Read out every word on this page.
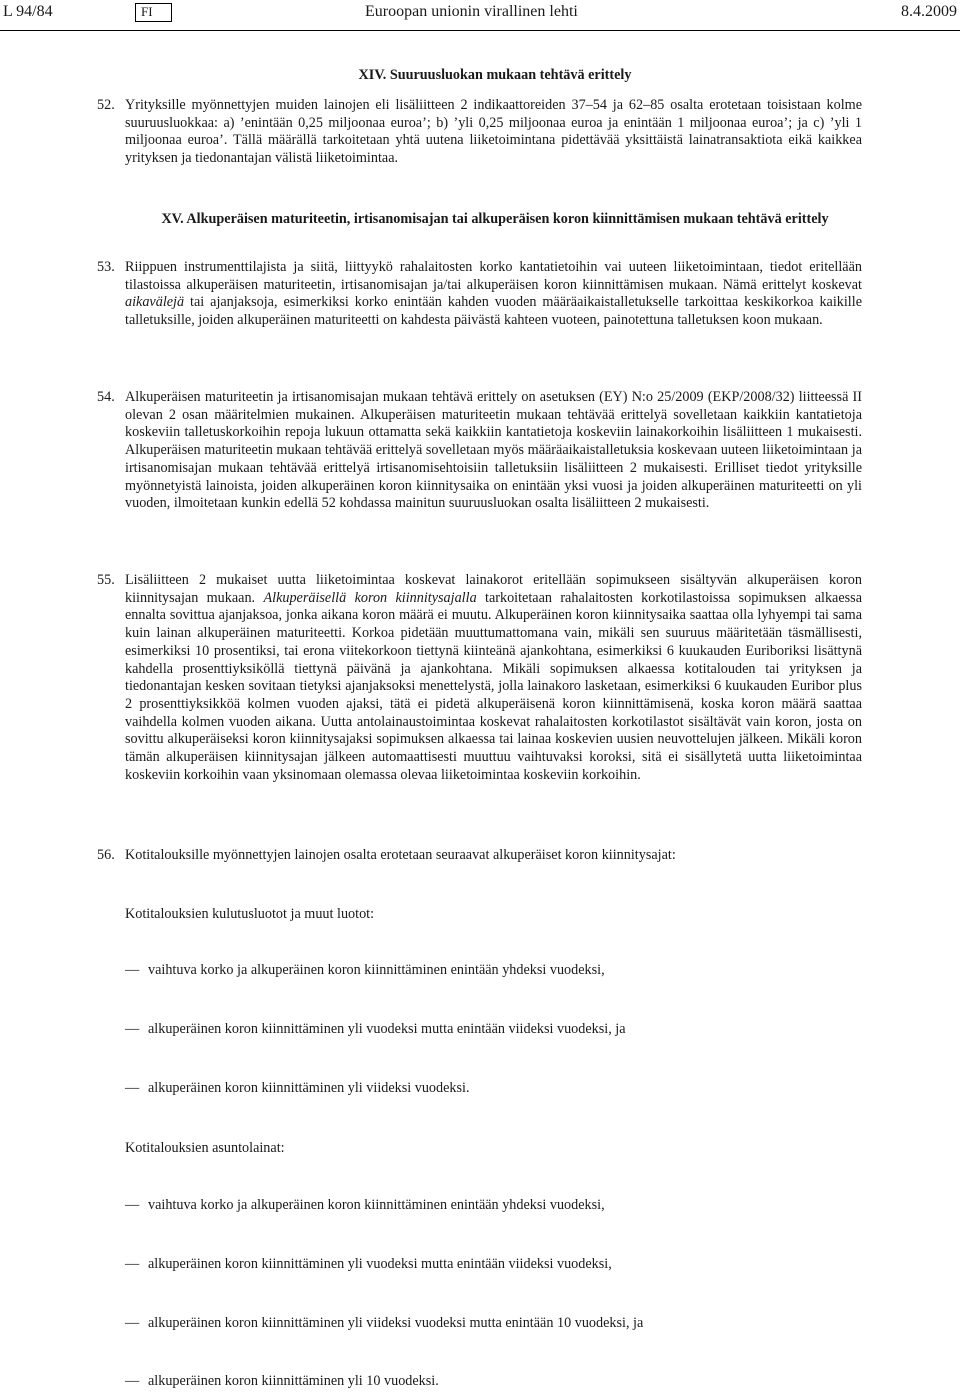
L 94/84	FI	Euroopan unionin virallinen lehti	8.4.2009
XIV. Suuruusluokan mukaan tehtävä erittely
52. Yrityksille myönnettyjen muiden lainojen eli lisäliitteen 2 indikaattoreiden 37–54 ja 62–85 osalta erotetaan toisistaan kolme suuruusluokkaa: a) ’enintään 0,25 miljoonaa euroa’; b) ’yli 0,25 miljoonaa euroa ja enintään 1 miljoonaa euroa’; ja c) ’yli 1 miljoonaa euroa’. Tällä määrällä tarkoitetaan yhtä uutena liiketoimintana pidettävää yksittäistä lainatransaktiota eikä kaikkea yrityksen ja tiedonantajan välistä liiketoimintaa.
XV. Alkuperäisen maturiteetin, irtisanomisajan tai alkuperäisen koron kiinnittämisen mukaan tehtävä erittely
53. Riippuen instrumenttilajista ja siitä, liittyykö rahalaitosten korko kantatietoihin vai uuteen liiketoimintaan, tiedot eritellään tilastoissa alkuperäisen maturiteetin, irtisanomisajan ja/tai alkuperäisen koron kiinnittämisen mukaan. Nämä erittelyt koskevat aikavälejä tai ajanjaksoja, esimerkiksi korko enintään kahden vuoden määräaikaistalletukselle tarkoittaa keskikorkoa kaikille talletuksille, joiden alkuperäinen maturiteetti on kahdesta päivästä kahteen vuoteen, painotettuna talletuksen koon mukaan.
54. Alkuperäisen maturiteetin ja irtisanomisajan mukaan tehtävä erittely on asetuksen (EY) N:o 25/2009 (EKP/2008/32) liitteessä II olevan 2 osan määritelmien mukainen. Alkuperäisen maturiteetin mukaan tehtävää erittelyä sovelletaan kaikkiin kantatietoja koskeviin talletuskorkoihin repoja lukuun ottamatta sekä kaikkiin kantatietoja koskeviin lainakorkoihin lisäliitteen 1 mukaisesti. Alkuperäisen maturiteetin mukaan tehtävää erittelyä sovelletaan myös määräaikaistalletuksia koskevaan uuteen liiketoimintaan ja irtisanomisajan mukaan tehtävää erittelyä irtisanomisehtoisiin talletuksiin lisäliitteen 2 mukaisesti. Erilliset tiedot yrityksille myönnetyistä lainoista, joiden alkuperäinen koron kiinnitysaika on enintään yksi vuosi ja joiden alkuperäinen maturiteetti on yli vuoden, ilmoitetaan kunkin edellä 52 kohdassa mainitun suuruusluokan osalta lisäliitteen 2 mukaisesti.
55. Lisäliitteen 2 mukaiset uutta liiketoimintaa koskevat lainakorot eritellään sopimukseen sisältyvän alkuperäisen koron kiinnitysajan mukaan. Alkuperäisellä koron kiinnitysajalla tarkoitetaan rahalaitosten korkotilastoissa sopimuksen alkaessa ennalta sovittua ajanjaksoa, jonka aikana koron määrä ei muutu. Alkuperäinen koron kiinnitysaika saattaa olla lyhyempi tai sama kuin lainan alkuperäinen maturiteetti. Korkoa pidetään muuttumattomana vain, mikäli sen suuruus määritetään täsmällisesti, esimerkiksi 10 prosentiksi, tai erona viitekorkoon tiettynä kiinteänä ajankohtana, esimerkiksi 6 kuukauden Euriboriksi lisättynä kahdella prosenttiyksiköllä tiettynä päivänä ja ajankohtana. Mikäli sopimuksen alkaessa kotitalouden tai yrityksen ja tiedonantajan kesken sovitaan tietyksi ajanjaksoksi menettelystä, jolla lainakoro lasketaan, esimerkiksi 6 kuukauden Euribor plus 2 prosenttiyksikköä kolmen vuoden ajaksi, tätä ei pidetä alkuperäisenä koron kiinnittämisenä, koska koron määrä saattaa vaihdella kolmen vuoden aikana. Uutta antolainaustoimintaa koskevat rahalaitosten korkotilastot sisältävät vain koron, josta on sovittu alkuperäiseksi koron kiinnitysajaksi sopimuksen alkaessa tai lainaa koskevien uusien neuvottelujen jälkeen. Mikäli koron tämän alkuperäisen kiinnitysajan jälkeen automaattisesti muuttuu vaihtuvaksi koroksi, sitä ei sisällytetä uutta liiketoimintaa koskeviin korkoihin vaan yksinomaan olemassa olevaa liiketoimintaa koskeviin korkoihin.
56. Kotitalouksille myönnettyjen lainojen osalta erotetaan seuraavat alkuperäiset koron kiinnitysajat:
Kotitalouksien kulutusluotot ja muut luotot:
— vaihtuva korko ja alkuperäinen koron kiinnittäminen enintään yhdeksi vuodeksi,
— alkuperäinen koron kiinnittäminen yli vuodeksi mutta enintään viideksi vuodeksi, ja
— alkuperäinen koron kiinnittäminen yli viideksi vuodeksi.
Kotitalouksien asuntolainat:
— vaihtuva korko ja alkuperäinen koron kiinnittäminen enintään yhdeksi vuodeksi,
— alkuperäinen koron kiinnittäminen yli vuodeksi mutta enintään viideksi vuodeksi,
— alkuperäinen koron kiinnittäminen yli viideksi vuodeksi mutta enintään 10 vuodeksi, ja
— alkuperäinen koron kiinnittäminen yli 10 vuodeksi.
